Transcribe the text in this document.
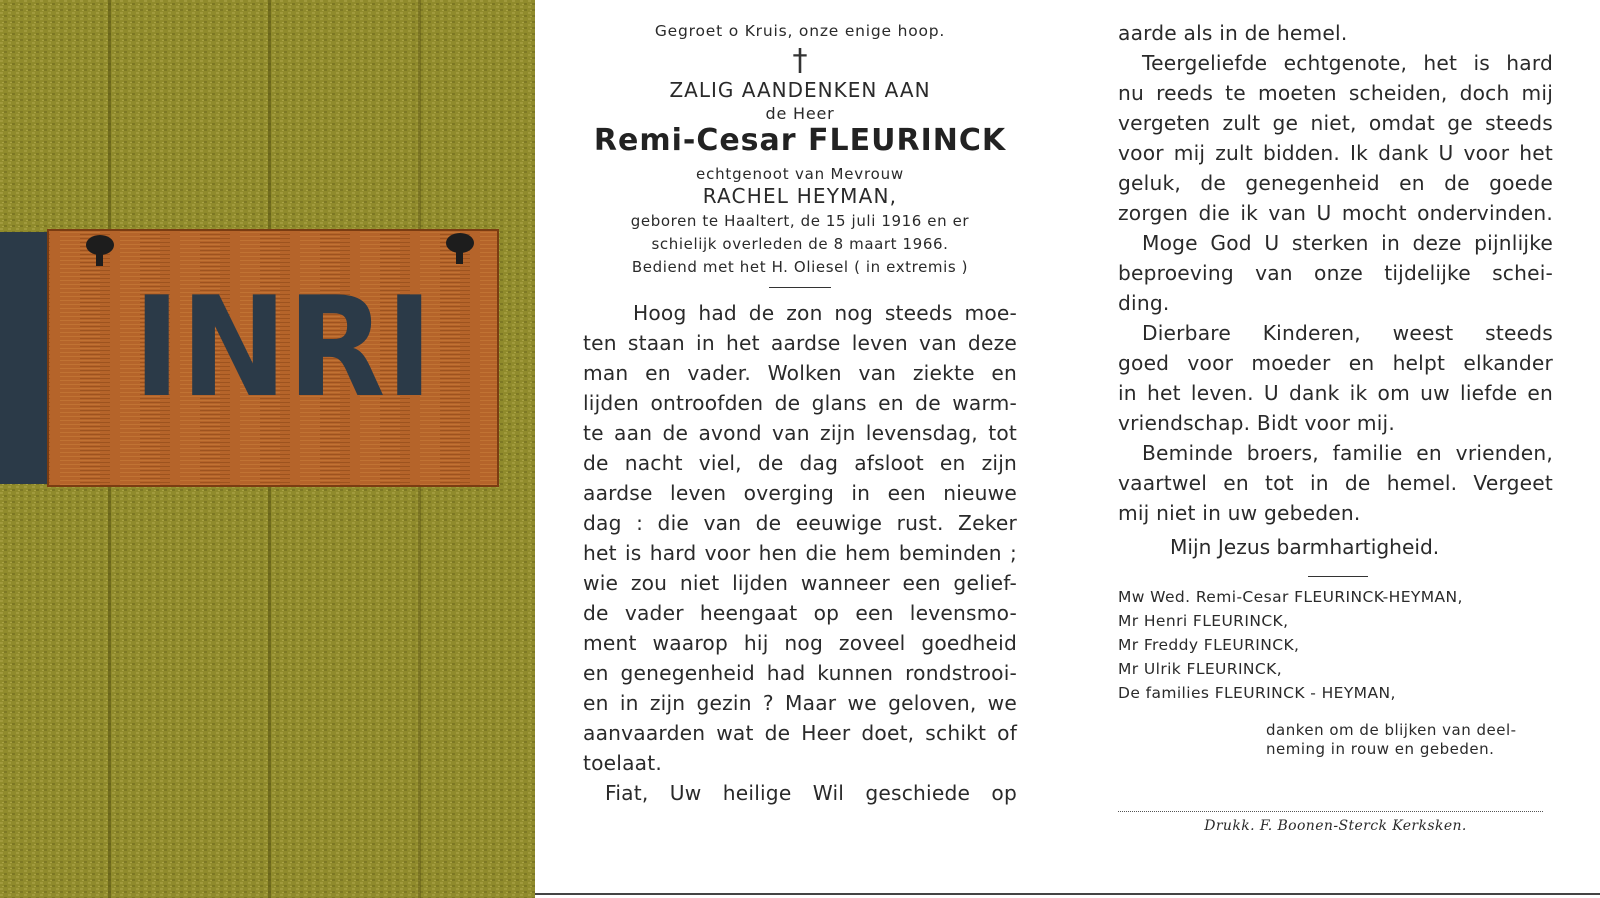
INRI
Gegroet o Kruis, onze enige hoop.
†
ZALIG AANDENKEN AAN
de Heer
Remi-Cesar FLEURINCK
echtgenoot van Mevrouw
RACHEL HEYMAN,
geboren te Haaltert, de 15 juli 1916 en er
schielijk overleden de 8 maart 1966.
Bediend met het H. Oliesel ( in extremis )
Hoog had de zon nog steeds moe-
ten staan in het aardse leven van deze
man en vader. Wolken van ziekte en
lijden ontroofden de glans en de warm-
te aan de avond van zijn levensdag, tot
de nacht viel, de dag afsloot en zijn
aardse leven overging in een nieuwe
dag : die van de eeuwige rust. Zeker
het is hard voor hen die hem beminden ;
wie zou niet lijden wanneer een gelief-
de vader heengaat op een levensmo-
ment waarop hij nog zoveel goedheid
en genegenheid had kunnen rondstrooi-
en in zijn gezin ? Maar we geloven, we
aanvaarden wat de Heer doet, schikt of
toelaat.
Fiat, Uw heilige Wil geschiede op
aarde als in de hemel.
Teergeliefde echtgenote, het is hard
nu reeds te moeten scheiden, doch mij
vergeten zult ge niet, omdat ge steeds
voor mij zult bidden. Ik dank U voor het
geluk, de genegenheid en de goede
zorgen die ik van U mocht ondervinden.
Moge God U sterken in deze pijnlijke
beproeving van onze tijdelijke schei-
ding.
Dierbare Kinderen, weest steeds
goed voor moeder en helpt elkander
in het leven. U dank ik om uw liefde en
vriendschap. Bidt voor mij.
Beminde broers, familie en vrienden,
vaartwel en tot in de hemel. Vergeet
mij niet in uw gebeden.
Mijn Jezus barmhartigheid.
Mw Wed. Remi-Cesar FLEURINCK-HEYMAN,
Mr Henri FLEURINCK,
Mr Freddy FLEURINCK,
Mr Ulrik FLEURINCK,
De families FLEURINCK - HEYMAN,
danken om de blijken van deel-
neming in rouw en gebeden.
Drukk. F. Boonen-Sterck Kerksken.
